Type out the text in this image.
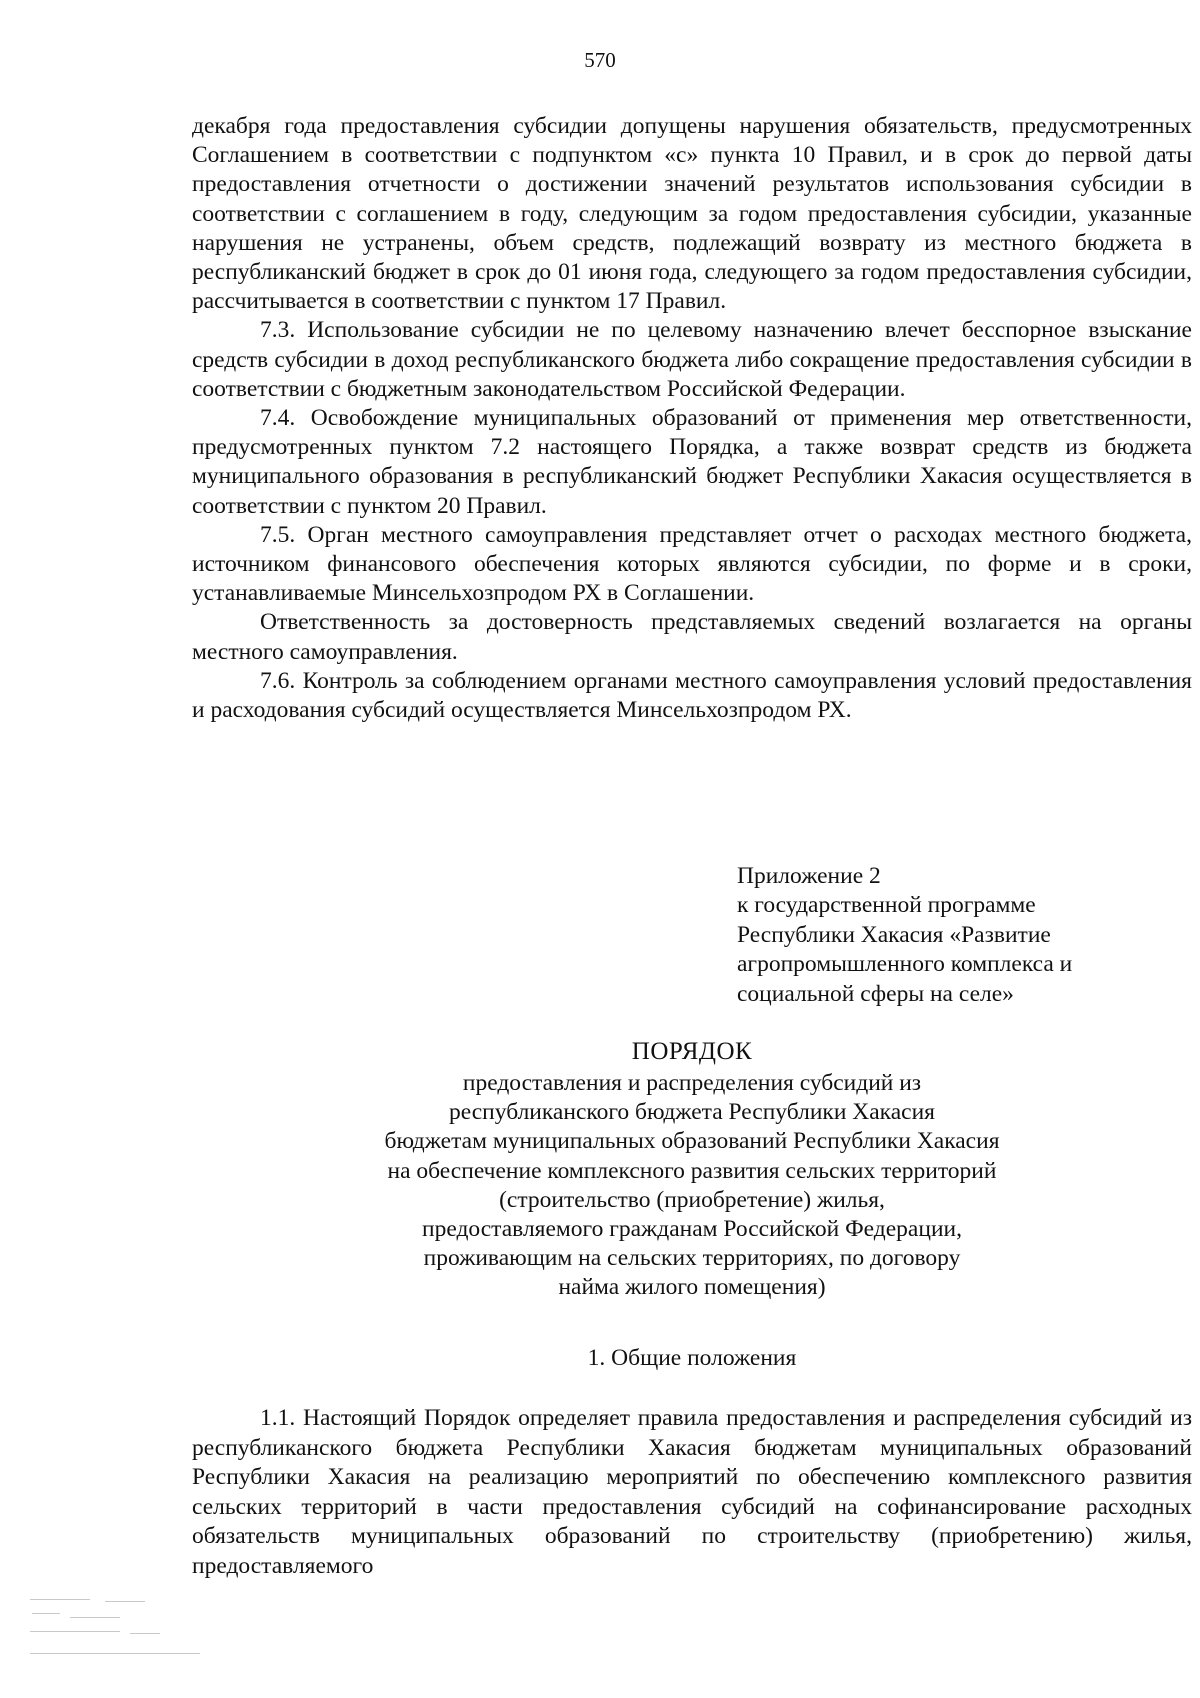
570

декабря года предоставления субсидии допущены нарушения обязательств, предусмотренных Соглашением в соответствии с подпунктом «с» пункта 10 Правил, и в срок до первой даты предоставления отчетности о достижении значений результатов использования субсидии в соответствии с соглашением в году, следующим за годом предоставления субсидии, указанные нарушения не устранены, объем средств, подлежащий возврату из местного бюджета в республиканский бюджет в срок до 01 июня года, следующего за годом предоставления субсидии, рассчитывается в соответствии с пунктом 17 Правил.

7.3. Использование субсидии не по целевому назначению влечет бесспорное взыскание средств субсидии в доход республиканского бюджета либо сокращение предоставления субсидии в соответствии с бюджетным законодательством Российской Федерации.

7.4. Освобождение муниципальных образований от применения мер ответственности, предусмотренных пунктом 7.2 настоящего Порядка, а также возврат средств из бюджета муниципального образования в республиканский бюджет Республики Хакасия осуществляется в соответствии с пунктом 20 Правил.

7.5. Орган местного самоуправления представляет отчет о расходах местного бюджета, источником финансового обеспечения которых являются субсидии, по форме и в сроки, устанавливаемые Минсельхозпродом РХ в Соглашении.

Ответственность за достоверность представляемых сведений возлагается на органы местного самоуправления.

7.6. Контроль за соблюдением органами местного самоуправления условий предоставления и расходования субсидий осуществляется Минсельхозпродом РХ.

Приложение 2
к государственной программе
Республики Хакасия «Развитие
агропромышленного комплекса и
социальной сферы на селе»
ПОРЯДОК
предоставления и распределения субсидий из
республиканского бюджета Республики Хакасия
бюджетам муниципальных образований Республики Хакасия
на обеспечение комплексного развития сельских территорий
(строительство (приобретение) жилья,
предоставляемого гражданам Российской Федерации,
проживающим на сельских территориях, по договору
найма жилого помещения)
1. Общие положения

1.1. Настоящий Порядок определяет правила предоставления и распределения субсидий из республиканского бюджета Республики Хакасия бюджетам муниципальных образований Республики Хакасия на реализацию мероприятий по обеспечению комплексного развития сельских территорий в части предоставления субсидий на софинансирование расходных обязательств муниципальных образований по строительству (приобретению) жилья, предоставляемого
